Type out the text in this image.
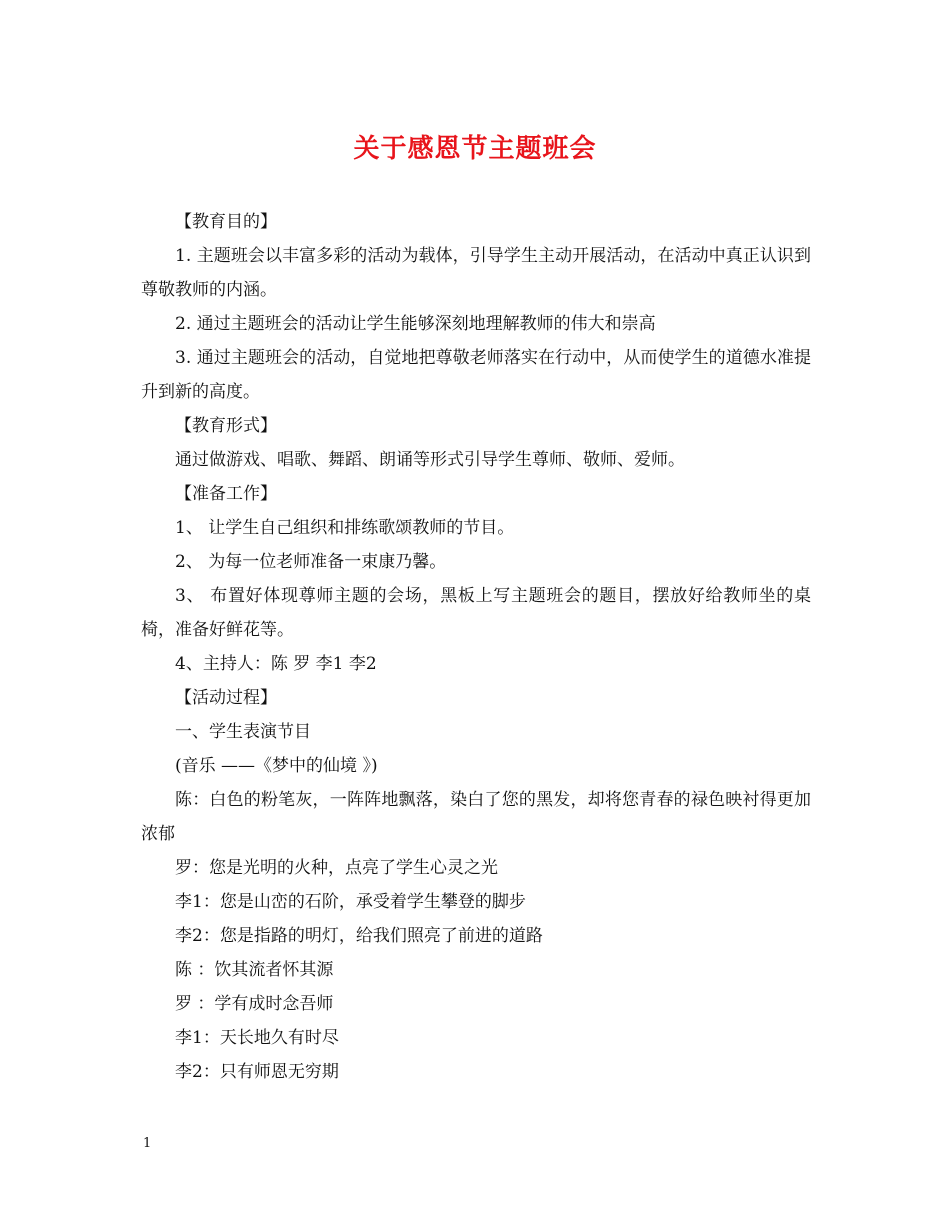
关于感恩节主题班会

【教育目的】

1. 主题班会以丰富多彩的活动为载体，引导学生主动开展活动，在活动中真正认识到尊敬教师的内涵。

2. 通过主题班会的活动让学生能够深刻地理解教师的伟大和崇高

3. 通过主题班会的活动，自觉地把尊敬老师落实在行动中，从而使学生的道德水准提升到新的高度。

【教育形式】

通过做游戏、唱歌、舞蹈、朗诵等形式引导学生尊师、敬师、爱师。

【准备工作】

1、 让学生自己组织和排练歌颂教师的节目。

2、 为每一位老师准备一束康乃馨。

3、 布置好体现尊师主题的会场，黑板上写主题班会的题目，摆放好给教师坐的桌椅，准备好鲜花等。

4、主持人：陈 罗 李1 李2

【活动过程】

一、学生表演节目

(音乐 ——《梦中的仙境 》)

陈：白色的粉笔灰，一阵阵地飘落，染白了您的黑发，却将您青春的禄色映衬得更加浓郁

罗：您是光明的火种，点亮了学生心灵之光

李1：您是山峦的石阶，承受着学生攀登的脚步

李2：您是指路的明灯，给我们照亮了前进的道路

陈 ：饮其流者怀其源

罗 ：学有成时念吾师

李1：天长地久有时尽

李2：只有师恩无穷期

1
